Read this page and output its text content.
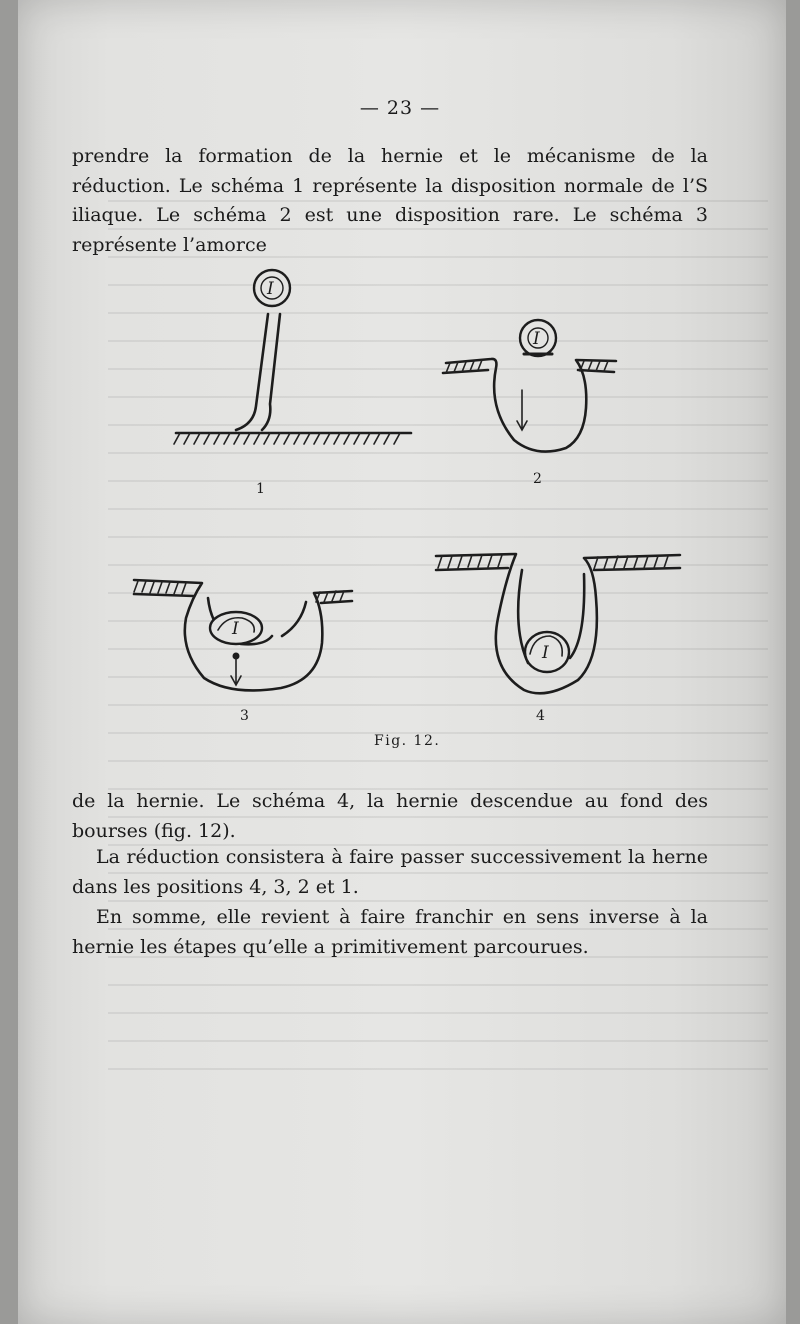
— 23 —

prendre la formation de la hernie et le mécanisme de la réduction. Le schéma 1 représente la disposition normale de l’S iliaque. Le schéma 2 est une disposition rare. Le schéma 3 représente l’amorce

I
1
I
2
I
3
I
4
Fig. 12.

de la hernie. Le schéma 4, la hernie descendue au fond des bourses (fig. 12).

La réduction consistera à faire passer successivement la herne dans les positions 4, 3, 2 et 1.

En somme, elle revient à faire franchir en sens inverse à la hernie les étapes qu’elle a primitivement parcourues.
